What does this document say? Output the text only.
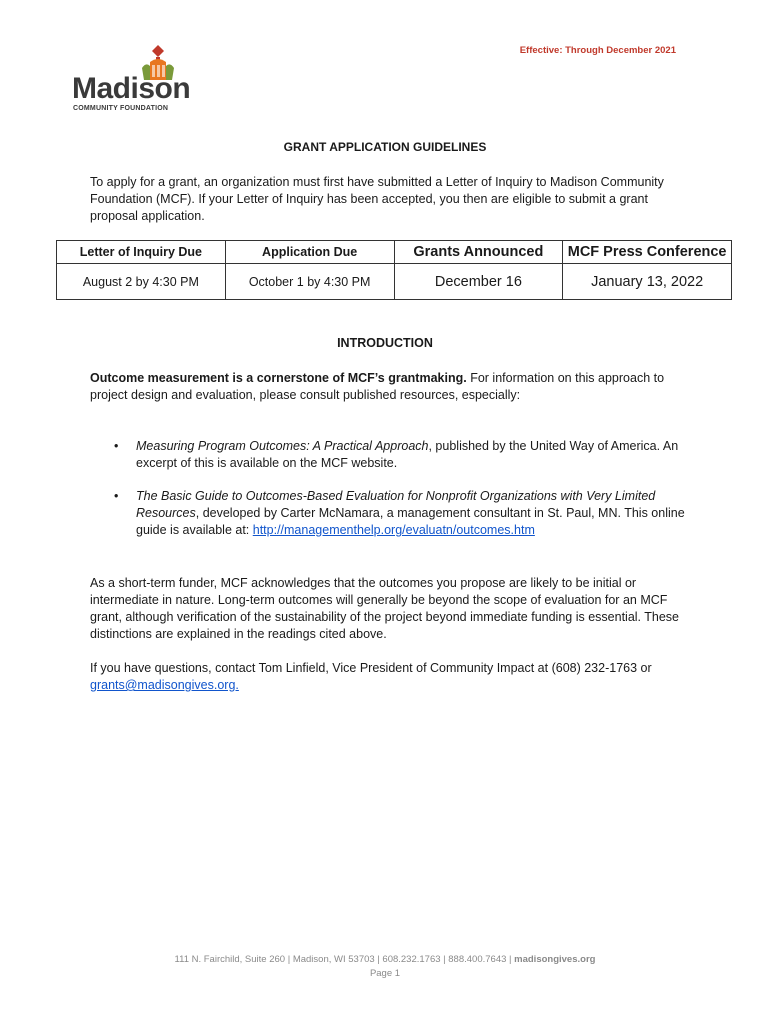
Effective: Through December 2021
Madison
COMMUNITY FOUNDATION
GRANT APPLICATION GUIDELINES

To apply for a grant, an organization must first have submitted a Letter of Inquiry to Madison Community Foundation (MCF). If your Letter of Inquiry has been accepted, you then are eligible to submit a grant proposal application.

Letter of Inquiry Due	Application Due	Grants Announced	MCF Press Conference
August 2 by 4:30 PM	October 1 by 4:30 PM	December 16	January 13, 2022
INTRODUCTION

Outcome measurement is a cornerstone of MCF’s grantmaking. For information on this approach to project design and evaluation, please consult published resources, especially:

• Measuring Program Outcomes: A Practical Approach, published by the United Way of America. An excerpt of this is available on the MCF website.
• The Basic Guide to Outcomes-Based Evaluation for Nonprofit Organizations with Very Limited Resources, developed by Carter McNamara, a management consultant in St. Paul, MN. This online guide is available at: http://managementhelp.org/evaluatn/outcomes.htm

As a short-term funder, MCF acknowledges that the outcomes you propose are likely to be initial or intermediate in nature. Long-term outcomes will generally be beyond the scope of evaluation for an MCF grant, although verification of the sustainability of the project beyond immediate funding is essential. These distinctions are explained in the readings cited above.

If you have questions, contact Tom Linfield, Vice President of Community Impact at (608) 232-1763 or grants@madisongives.org.

111 N. Fairchild, Suite 260 | Madison, WI 53703 | 608.232.1763 | 888.400.7643 | madisongives.org
Page 1
